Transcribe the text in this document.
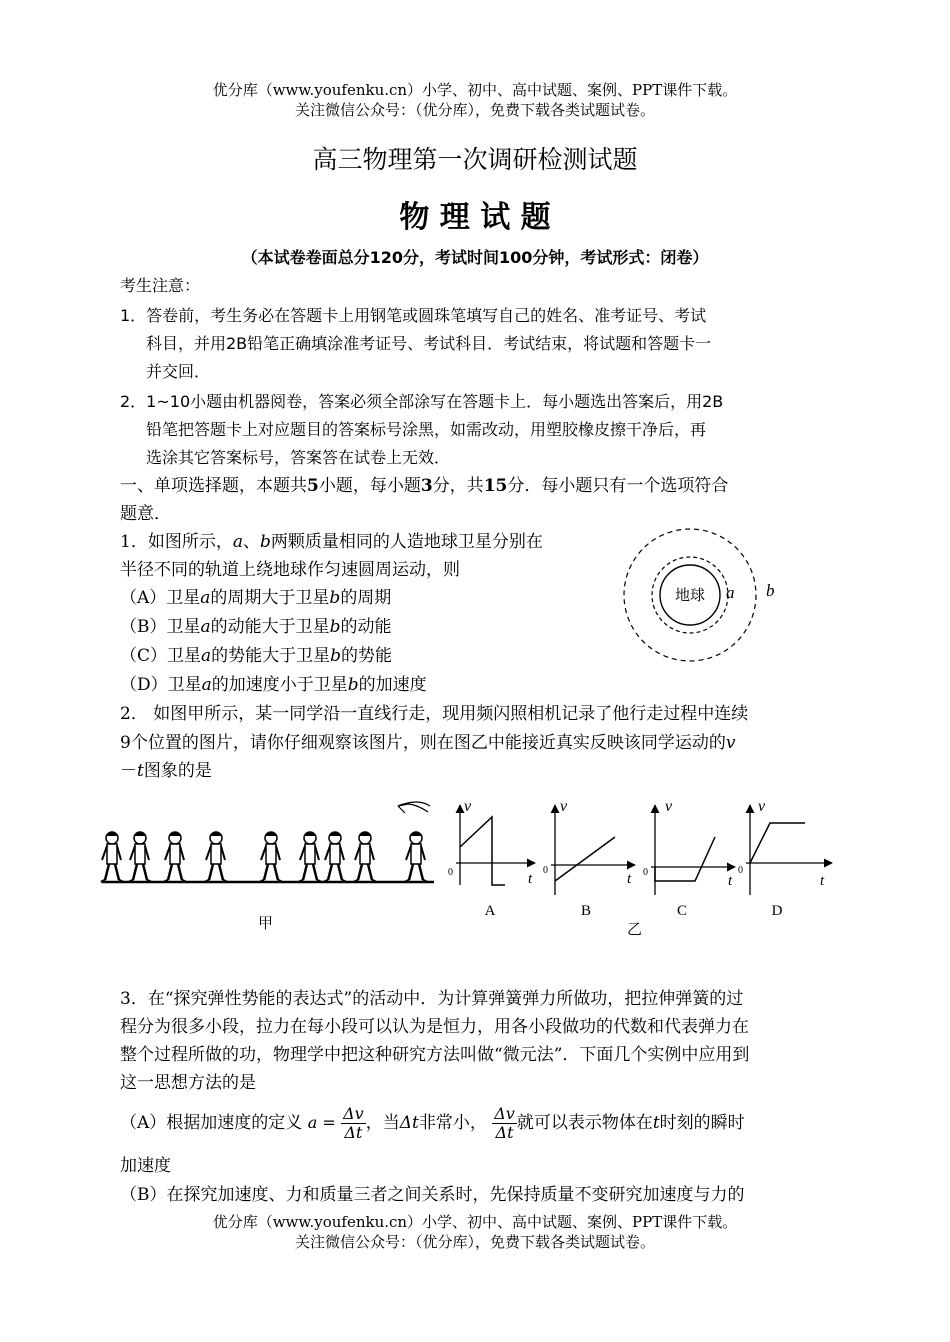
优分库（www.youfenku.cn）小学、初中、高中试题、案例、PPT课件下载。
关注微信公众号：（优分库），免费下载各类试题试卷。
高三物理第一次调研检测试题
物 理 试 题
（本试卷卷面总分120分，考试时间100分钟，考试形式：闭卷）
考生注意：
1．答卷前，考生务必在答题卡上用钢笔或圆珠笔填写自己的姓名、准考证号、考试
科目，并用2B铅笔正确填涂准考证号、考试科目．考试结束，将试题和答题卡一
并交回．
2．1~10小题由机器阅卷，答案必须全部涂写在答题卡上．每小题选出答案后，用2B
铅笔把答题卡上对应题目的答案标号涂黑，如需改动，用塑胶橡皮擦干净后，再
选涂其它答案标号，答案答在试卷上无效．
一、单项选择题，本题共5小题，每小题3分，共15分．每小题只有一个选项符合
题意．
1．如图所示，a、b两颗质量相同的人造地球卫星分别在
半径不同的轨道上绕地球作匀速圆周运动，则
（A）卫星a的周期大于卫星b的周期
（B）卫星a的动能大于卫星b的动能
（C）卫星a的势能大于卫星b的势能
（D）卫星a的加速度小于卫星b的加速度
地球 a b
2． 如图甲所示，某一同学沿一直线行走，现用频闪照相机记录了他行走过程中连续
9个位置的图片，请你仔细观察该图片，则在图乙中能接近真实反映该同学运动的v
－t图象的是
甲
v
t
0
A
v
t
0
B
v
t
0
C
v
t
0
D
乙
3．在“探究弹性势能的表达式”的活动中．为计算弹簧弹力所做功，把拉伸弹簧的过
程分为很多小段，拉力在每小段可以认为是恒力，用各小段做功的代数和代表弹力在
整个过程所做的功，物理学中把这种研究方法叫做“微元法”．下面几个实例中应用到
这一思想方法的是
（A）根据加速度的定义 $a = \frac{\Delta v}{\Delta t}$ ，当Δt非常小， $\frac{\Delta v}{\Delta t}$ 就可以表示物体在t时刻的瞬时
加速度
（B）在探究加速度、力和质量三者之间关系时，先保持质量不变研究加速度与力的
优分库（www.youfenku.cn）小学、初中、高中试题、案例、PPT课件下载。
关注微信公众号：（优分库），免费下载各类试题试卷。
